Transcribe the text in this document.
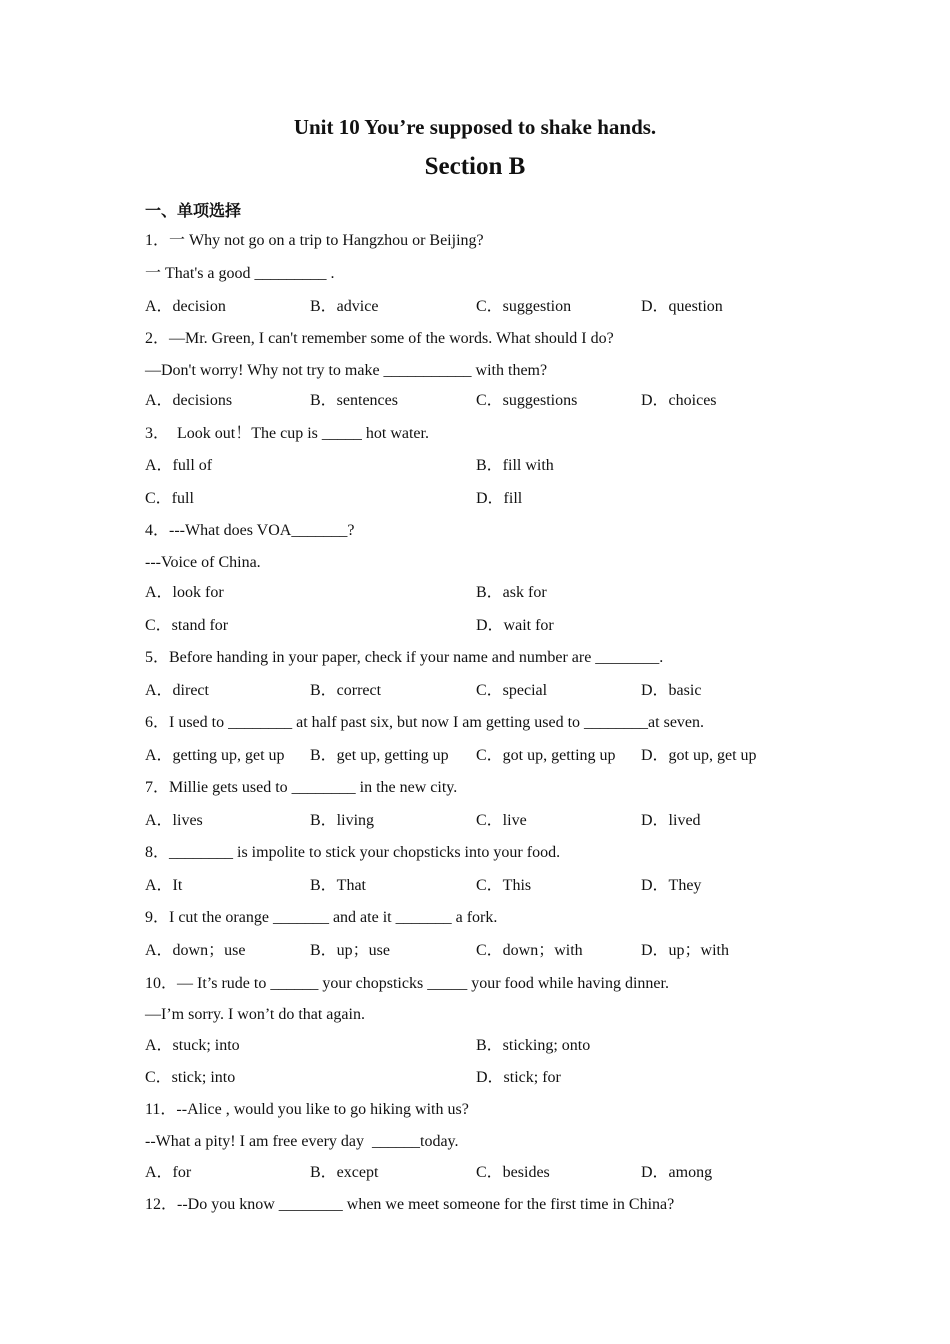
Unit 10 You’re supposed to shake hands.
Section B
一、单项选择
1．一 Why not go on a trip to Hangzhou or Beijing?
一 That's a good _________ .
A．decision	B．advice	C．suggestion	D．question
2．—Mr. Green, I can't remember some of the words. What should I do?
—Don't worry! Why not try to make ___________ with them?
A．decisions	B．sentences	C．suggestions	D．choices
3．  Look out！The cup is _____ hot water.
A．full of	B．fill with
C．full	D．fill
4．---What does VOA_______?
---Voice of China.
A．look for	B．ask for
C．stand for	D．wait for
5．Before handing in your paper, check if your name and number are ________.
A．direct	B．correct	C．special	D．basic
6．I used to ________ at half past six, but now I am getting used to ________at seven.
A．getting up, get up B．get up, getting up C．got up, getting up D．got up, get up
7．Millie gets used to ________ in the new city.
A．lives	B．living	C．live	D．lived
8．________ is impolite to stick your chopsticks into your food.
A．It	B．That	C．This	D．They
9．I cut the orange _______ and ate it _______ a fork.
A．down；use	B．up；use	C．down；with	D．up；with
10．— It’s rude to ______ your chopsticks _____ your food while having dinner.
—I’m sorry. I won’t do that again.
A．stuck; into	B．sticking; onto
C．stick; into	D．stick; for
11．--Alice , would you like to go hiking with us?
--What a pity! I am free every day  ______today.
A．for	B．except	C．besides	D．among
12．--Do you know ________ when we meet someone for the first time in China?
